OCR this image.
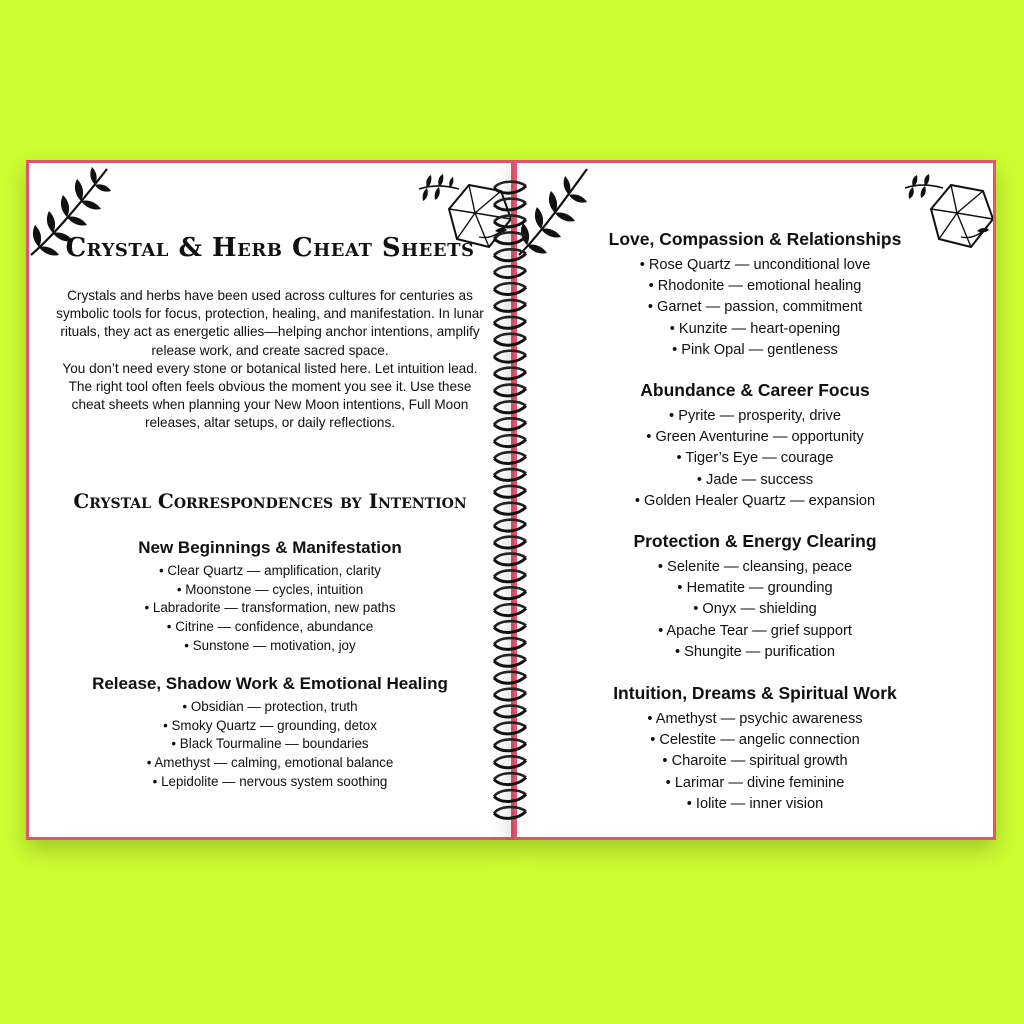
Crystal & Herb Cheat Sheets

Crystals and herbs have been used across cultures for centuries as symbolic tools for focus, protection, healing, and manifestation. In lunar rituals, they act as energetic allies—helping anchor intentions, amplify release work, and create sacred space.

You don’t need every stone or botanical listed here. Let intuition lead. The right tool often feels obvious the moment you see it. Use these cheat sheets when planning your New Moon intentions, Full Moon releases, altar setups, or daily reflections.

Crystal Correspondences by Intention
New Beginnings & Manifestation
• Clear Quartz — amplification, clarity
• Moonstone — cycles, intuition
• Labradorite — transformation, new paths
• Citrine — confidence, abundance
• Sunstone — motivation, joy
Release, Shadow Work & Emotional Healing
• Obsidian — protection, truth
• Smoky Quartz — grounding, detox
• Black Tourmaline — boundaries
• Amethyst — calming, emotional balance
• Lepidolite — nervous system soothing
Love, Compassion & Relationships
• Rose Quartz — unconditional love
• Rhodonite — emotional healing
• Garnet — passion, commitment
• Kunzite — heart-opening
• Pink Opal — gentleness
Abundance & Career Focus
• Pyrite — prosperity, drive
• Green Aventurine — opportunity
• Tiger’s Eye — courage
• Jade — success
• Golden Healer Quartz — expansion
Protection & Energy Clearing
• Selenite — cleansing, peace
• Hematite — grounding
• Onyx — shielding
• Apache Tear — grief support
• Shungite — purification
Intuition, Dreams & Spiritual Work
• Amethyst — psychic awareness
• Celestite — angelic connection
• Charoite — spiritual growth
• Larimar — divine feminine
• Iolite — inner vision
